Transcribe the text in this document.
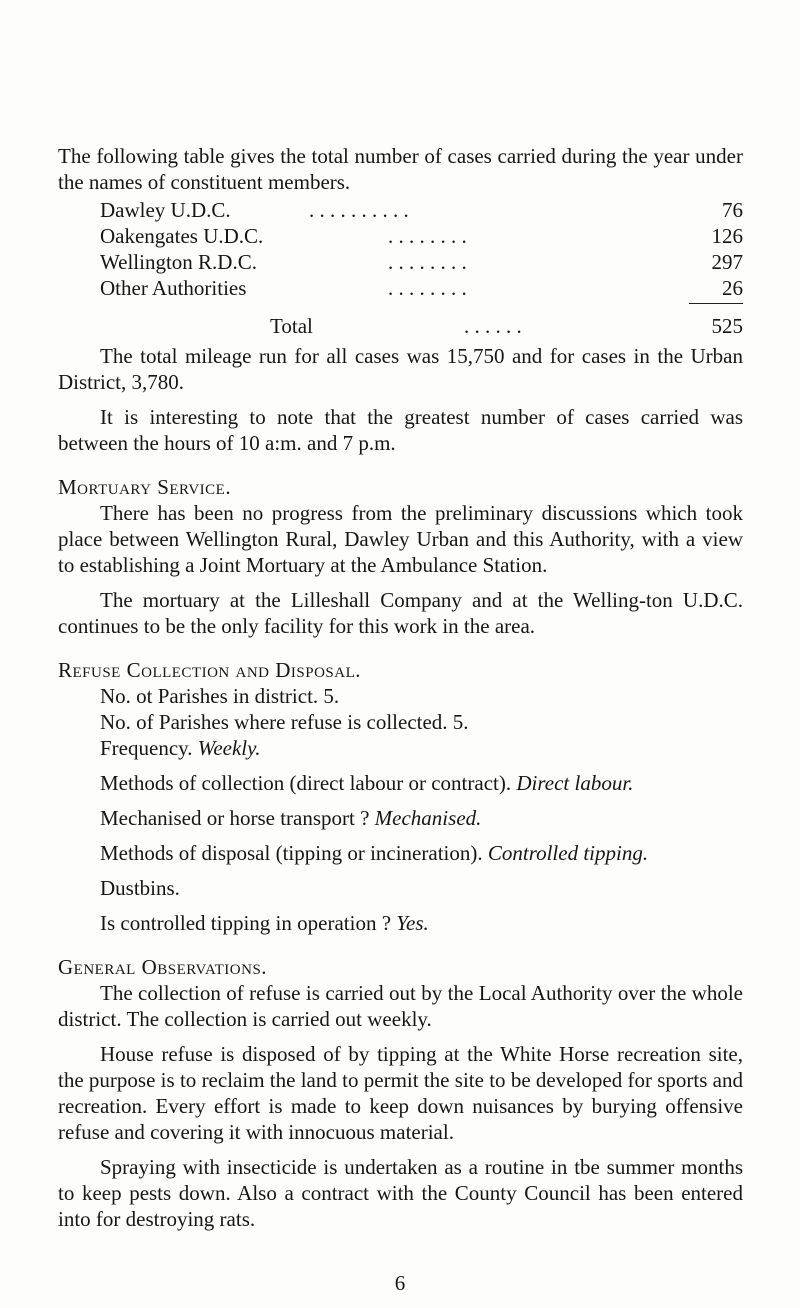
The following table gives the total number of cases carried during the year under the names of constituent members.

Dawley U.D.C.	. . . . . . . . . .	76
Oakengates U.D.C.	. . . . . . . .	126
Wellington R.D.C.	. . . . . . . .	297
Other Authorities	. . . . . . . .	26
Total	. . . . . .	525

The total mileage run for all cases was 15,750 and for cases in the Urban District, 3,780.

It is interesting to note that the greatest number of cases carried was between the hours of 10 a:m. and 7 p.m.

Mortuary Service.

There has been no progress from the preliminary discussions which took place between Wellington Rural, Dawley Urban and this Authority, with a view to establishing a Joint Mortuary at the Ambulance Station.

The mortuary at the Lilleshall Company and at the Welling-ton U.D.C. continues to be the only facility for this work in the area.

Refuse Collection and Disposal.

No. ot Parishes in district. 5.

No. of Parishes where refuse is collected. 5.

Frequency. Weekly.

Methods of collection (direct labour or contract). Direct labour.

Mechanised or horse transport ? Mechanised.

Methods of disposal (tipping or incineration). Controlled tipping.

Dustbins.

Is controlled tipping in operation ? Yes.

General Observations.

The collection of refuse is carried out by the Local Authority over the whole district. The collection is carried out weekly.

House refuse is disposed of by tipping at the White Horse recreation site, the purpose is to reclaim the land to permit the site to be developed for sports and recreation. Every effort is made to keep down nuisances by burying offensive refuse and covering it with innocuous material.

Spraying with insecticide is undertaken as a routine in tbe summer months to keep pests down. Also a contract with the County Council has been entered into for destroying rats.

6
